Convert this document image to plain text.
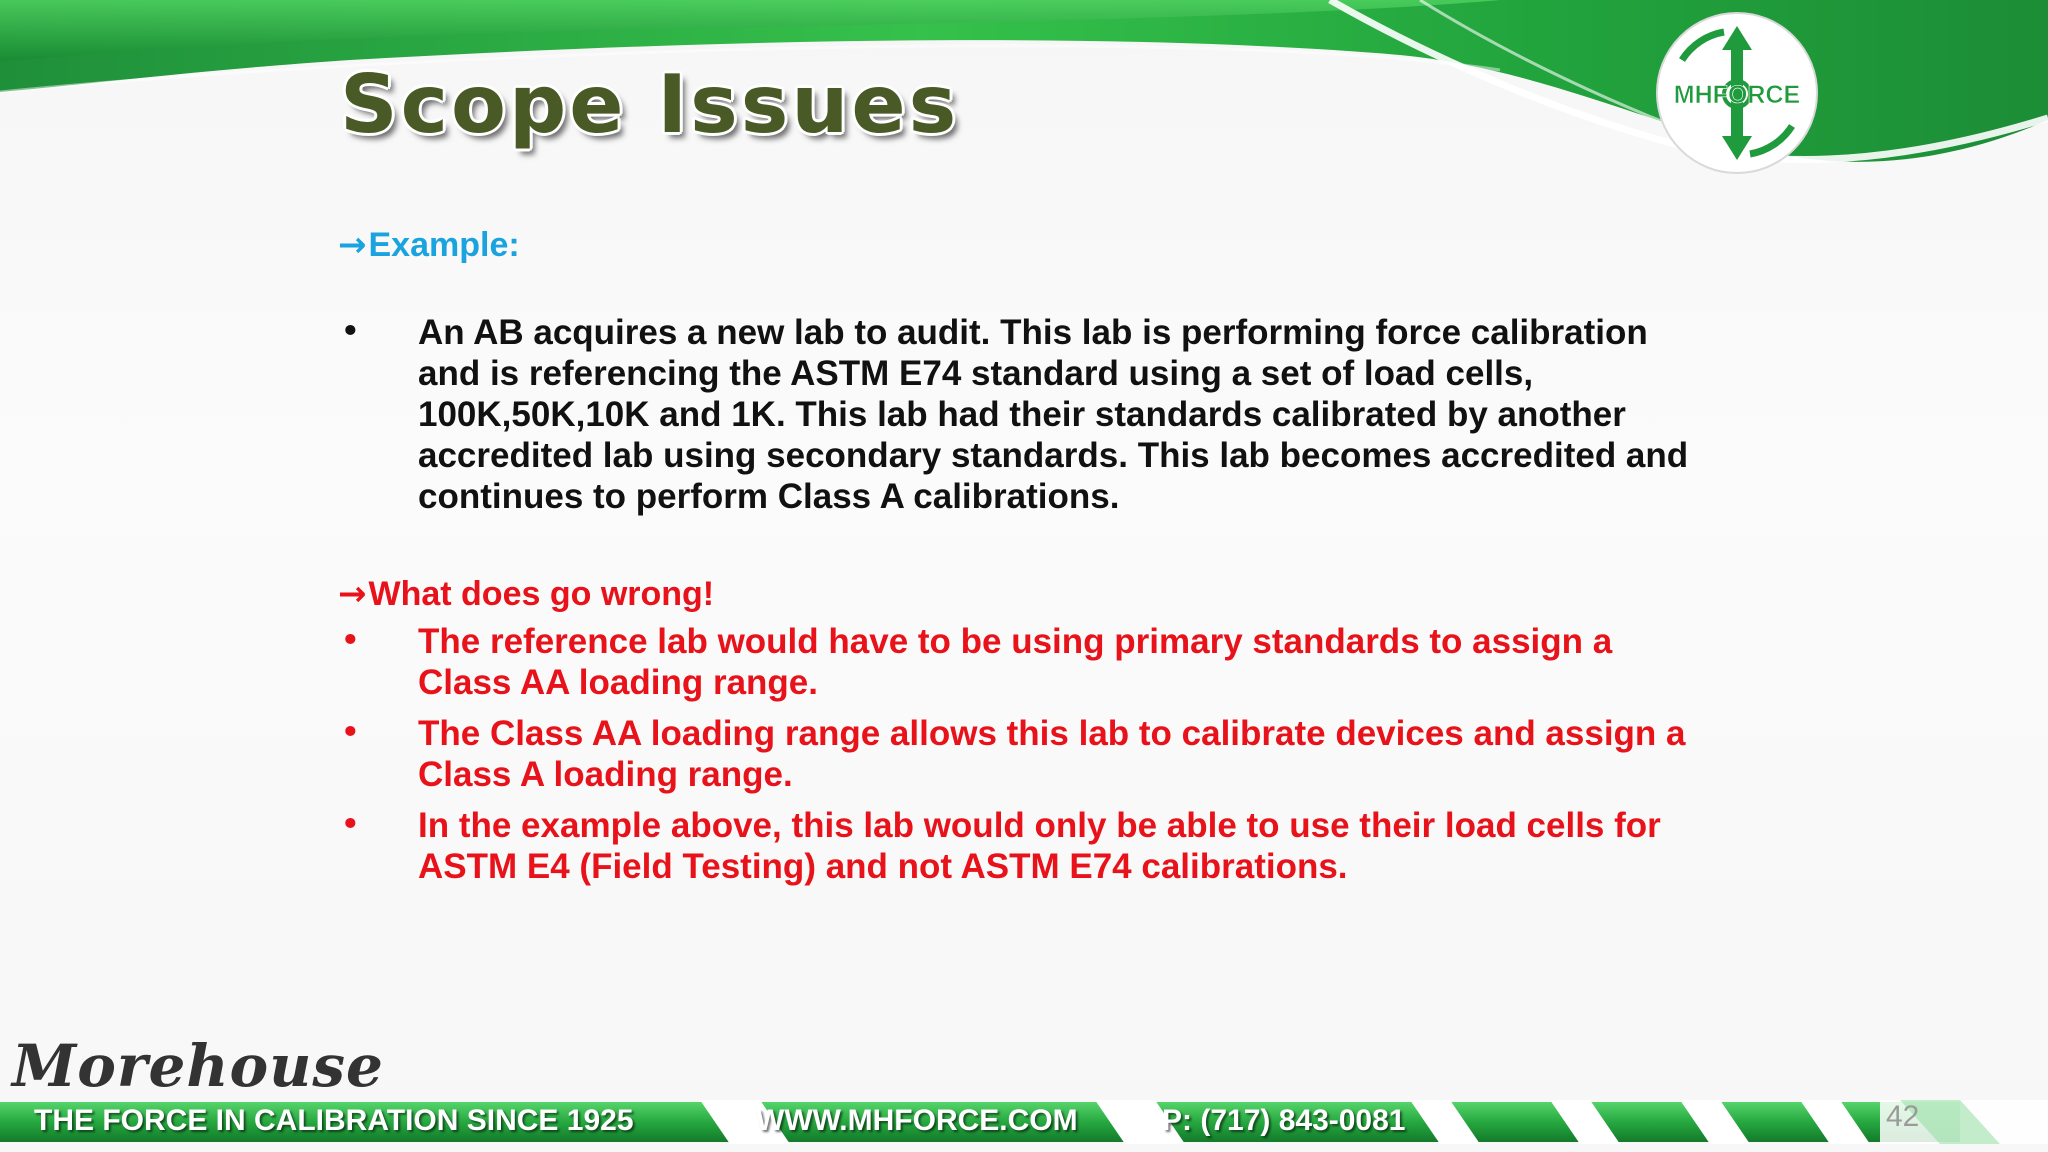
MHFORCE
Scope Issues

→Example:

• An AB acquires a new lab to audit. This lab is performing force calibration and is referencing the ASTM E74 standard using a set of load cells, 100K,50K,10K and 1K. This lab had their standards calibrated by another accredited lab using secondary standards. This lab becomes accredited and continues to perform Class A calibrations.

→What does go wrong!

• The reference lab would have to be using primary standards to assign a Class AA loading range.
• The Class AA loading range allows this lab to calibrate devices and assign a Class A loading range.
• In the example above, this lab would only be able to use their load cells for ASTM E4 (Field Testing) and not ASTM E74 calibrations.
Morehouse
THE FORCE IN CALIBRATION SINCE 1925	WWW.MHFORCE.COM	P: (717) 843-0081	42
